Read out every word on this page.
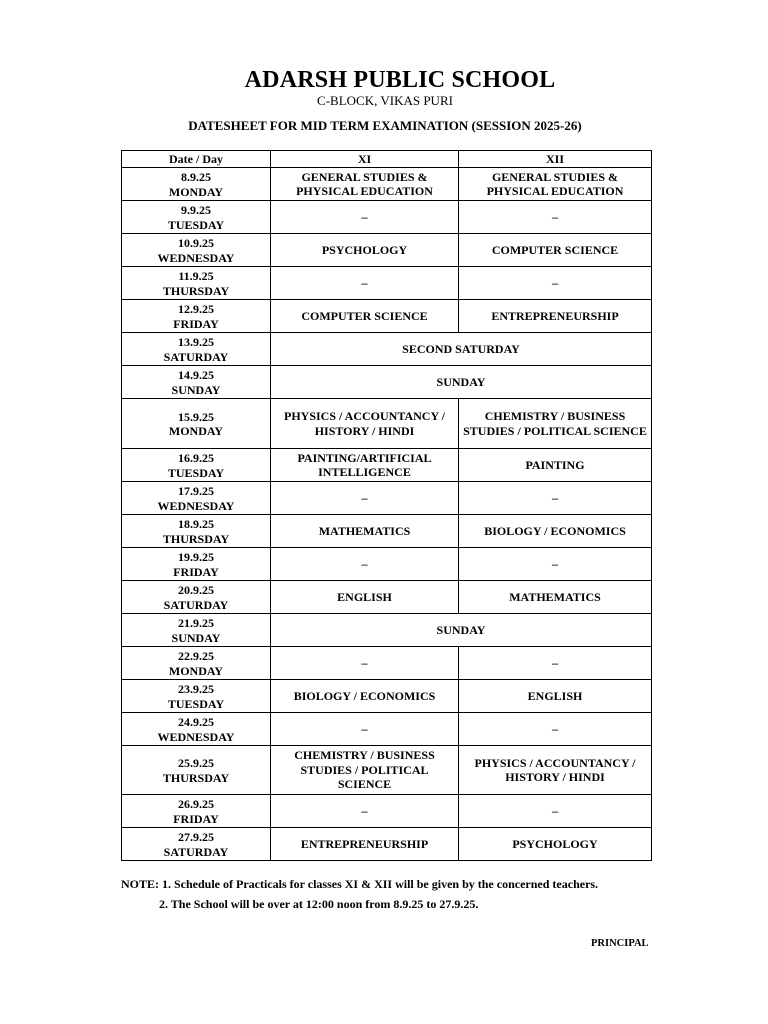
ADARSH PUBLIC SCHOOL
C-BLOCK, VIKAS PURI
DATESHEET FOR MID TERM EXAMINATION (SESSION 2025-26)
Date / Day	XI	XII

8.9.25
MONDAY	GENERAL STUDIES & PHYSICAL EDUCATION	GENERAL STUDIES & PHYSICAL EDUCATION

9.9.25
TUESDAY	–	–

10.9.25
WEDNESDAY	PSYCHOLOGY	COMPUTER SCIENCE

11.9.25
THURSDAY	–	–

12.9.25
FRIDAY	COMPUTER SCIENCE	ENTREPRENEURSHIP

13.9.25
SATURDAY	SECOND SATURDAY	

14.9.25
SUNDAY	SUNDAY	

15.9.25
MONDAY	PHYSICS / ACCOUNTANCY / HISTORY / HINDI	CHEMISTRY / BUSINESS STUDIES / POLITICAL SCIENCE

16.9.25
TUESDAY	PAINTING/ARTIFICIAL INTELLIGENCE	PAINTING

17.9.25
WEDNESDAY	–	–

18.9.25
THURSDAY	MATHEMATICS	BIOLOGY / ECONOMICS

19.9.25
FRIDAY	–	–

20.9.25
SATURDAY	ENGLISH	MATHEMATICS

21.9.25
SUNDAY	SUNDAY	

22.9.25
MONDAY	–	–

23.9.25
TUESDAY	BIOLOGY / ECONOMICS	ENGLISH

24.9.25
WEDNESDAY	–	–

25.9.25
THURSDAY	CHEMISTRY / BUSINESS STUDIES / POLITICAL SCIENCE	PHYSICS / ACCOUNTANCY / HISTORY / HINDI

26.9.25
FRIDAY	–	–

27.9.25
SATURDAY	ENTREPRENEURSHIP	PSYCHOLOGY
NOTE: 1. Schedule of Practicals for classes XI & XII will be given by the concerned teachers.
2. The School will be over at 12:00 noon from 8.9.25 to 27.9.25.
PRINCIPAL
